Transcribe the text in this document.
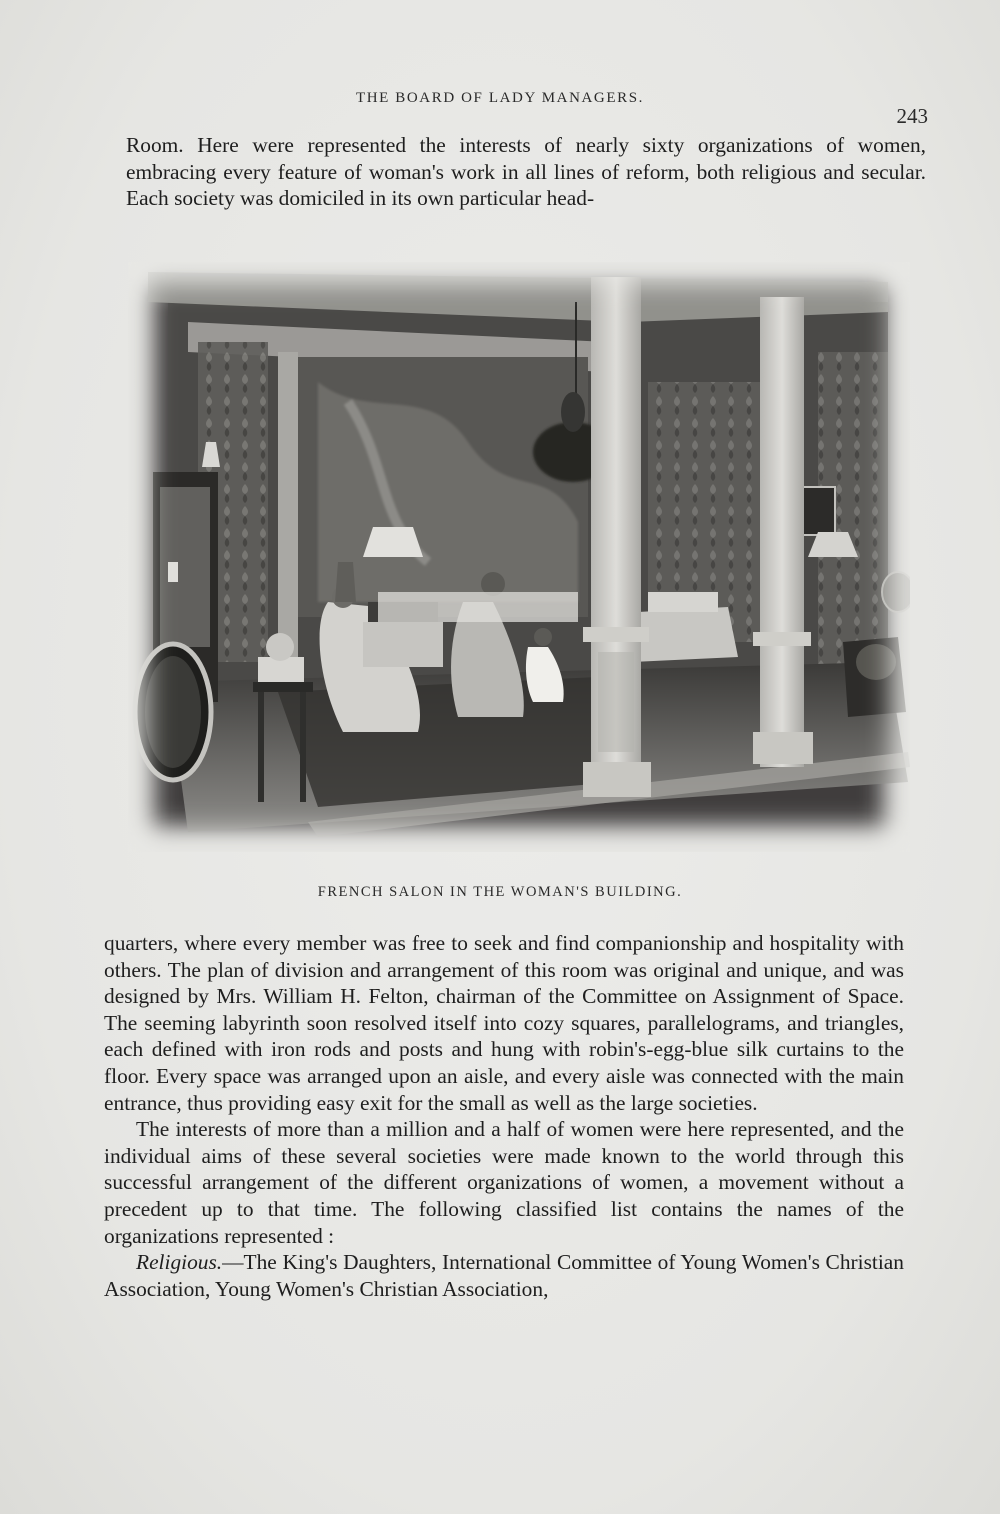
THE BOARD OF LADY MANAGERS.
243

Room. Here were represented the interests of nearly sixty organizations of women, embracing every feature of woman's work in all lines of reform, both religious and secular. Each society was domiciled in its own particular head-

FRENCH SALON IN THE WOMAN'S BUILDING.

quarters, where every member was free to seek and find companionship and hospitality with others. The plan of division and arrangement of this room was original and unique, and was designed by Mrs. William H. Felton, chairman of the Committee on Assignment of Space. The seeming labyrinth soon resolved itself into cozy squares, parallelograms, and triangles, each defined with iron rods and posts and hung with robin's-egg-blue silk curtains to the floor. Every space was arranged upon an aisle, and every aisle was connected with the main entrance, thus providing easy exit for the small as well as the large societies.

The interests of more than a million and a half of women were here represented, and the individual aims of these several societies were made known to the world through this successful arrangement of the different organizations of women, a movement without a precedent up to that time. The following classified list contains the names of the organizations represented :

Religious.—The King's Daughters, International Committee of Young Women's Christian Association, Young Women's Christian Association,
